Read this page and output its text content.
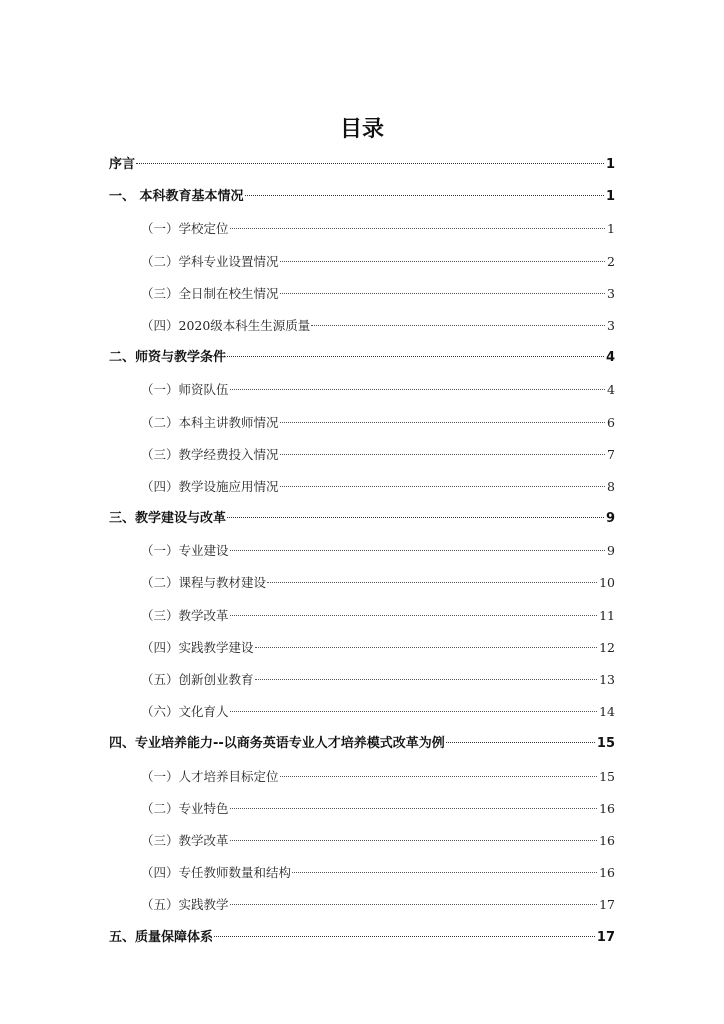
目录
序言	1
一、 本科教育基本情况	1
（一）学校定位	1
（二）学科专业设置情况	2
（三）全日制在校生情况	3
（四）2020级本科生生源质量	3
二、师资与教学条件	4
（一）师资队伍	4
（二）本科主讲教师情况	6
（三）教学经费投入情况	7
（四）教学设施应用情况	8
三、教学建设与改革	9
（一）专业建设	9
（二）课程与教材建设	10
（三）教学改革	11
（四）实践教学建设	12
（五）创新创业教育	13
（六）文化育人	14
四、专业培养能力--以商务英语专业人才培养模式改革为例	15
（一）人才培养目标定位	15
（二）专业特色	16
（三）教学改革	16
（四）专任教师数量和结构	16
（五）实践教学	17
五、质量保障体系	17
